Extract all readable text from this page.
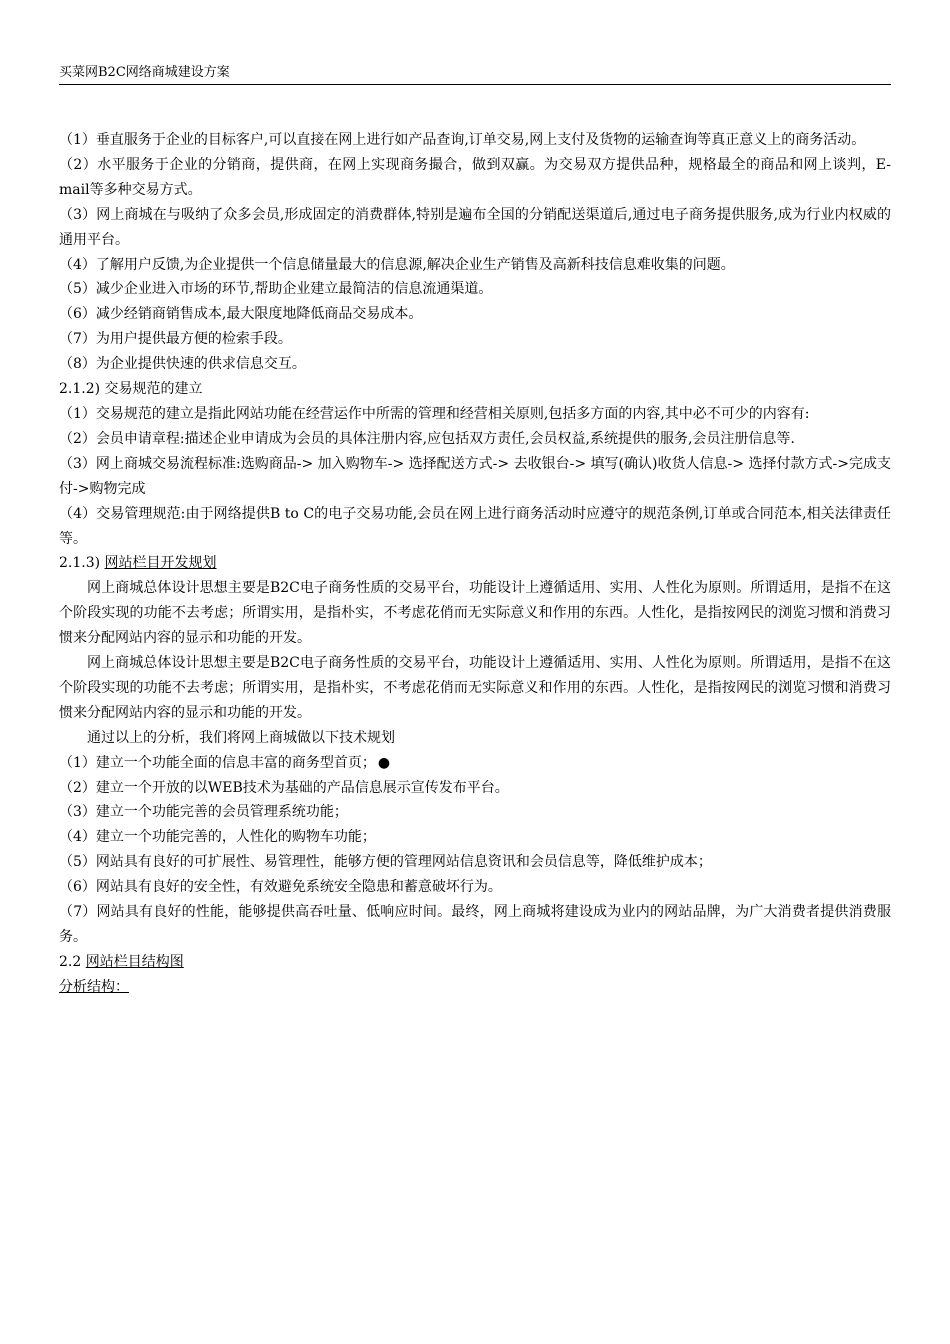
买菜网B2C网络商城建设方案

（1）垂直服务于企业的目标客户,可以直接在网上进行如产品查询,订单交易,网上支付及货物的运输查询等真正意义上的商务活动。

（2）水平服务于企业的分销商，提供商，在网上实现商务撮合，做到双赢。为交易双方提供品种，规格最全的商品和网上谈判，E-mail等多种交易方式。

（3）网上商城在与吸纳了众多会员,形成固定的消费群体,特别是遍布全国的分销配送渠道后,通过电子商务提供服务,成为行业内权威的通用平台。

（4）了解用户反馈,为企业提供一个信息储量最大的信息源,解决企业生产销售及高新科技信息难收集的问题。

（5）减少企业进入市场的环节,帮助企业建立最简洁的信息流通渠道。

（6）减少经销商销售成本,最大限度地降低商品交易成本。

（7）为用户提供最方便的检索手段。

（8）为企业提供快速的供求信息交互。

2.1.2) 交易规范的建立

（1）交易规范的建立是指此网站功能在经营运作中所需的管理和经营相关原则,包括多方面的内容,其中必不可少的内容有:

（2）会员申请章程:描述企业申请成为会员的具体注册内容,应包括双方责任,会员权益,系统提供的服务,会员注册信息等.

（3）网上商城交易流程标准:选购商品-> 加入购物车-> 选择配送方式-> 去收银台-> 填写(确认)收货人信息-> 选择付款方式->完成支付->购物完成

（4）交易管理规范:由于网络提供B to C的电子交易功能,会员在网上进行商务活动时应遵守的规范条例,订单或合同范本,相关法律责任等。

2.1.3) 网站栏目开发规划

网上商城总体设计思想主要是B2C电子商务性质的交易平台，功能设计上遵循适用、实用、人性化为原则。所谓适用，是指不在这个阶段实现的功能不去考虑；所谓实用，是指朴实，不考虑花俏而无实际意义和作用的东西。人性化，是指按网民的浏览习惯和消费习惯来分配网站内容的显示和功能的开发。

网上商城总体设计思想主要是B2C电子商务性质的交易平台，功能设计上遵循适用、实用、人性化为原则。所谓适用，是指不在这个阶段实现的功能不去考虑；所谓实用，是指朴实，不考虑花俏而无实际意义和作用的东西。人性化，是指按网民的浏览习惯和消费习惯来分配网站内容的显示和功能的开发。

通过以上的分析，我们将网上商城做以下技术规划

（1）建立一个功能全面的信息丰富的商务型首页； ●

（2）建立一个开放的以WEB技术为基础的产品信息展示宣传发布平台。

（3）建立一个功能完善的会员管理系统功能；

（4）建立一个功能完善的，人性化的购物车功能；

（5）网站具有良好的可扩展性、易管理性，能够方便的管理网站信息资讯和会员信息等，降低维护成本；

（6）网站具有良好的安全性，有效避免系统安全隐患和蓄意破坏行为。

（7）网站具有良好的性能，能够提供高吞吐量、低响应时间。最终，网上商城将建设成为业内的网站品牌，为广大消费者提供消费服务。

2.2 网站栏目结构图

分析结构：
